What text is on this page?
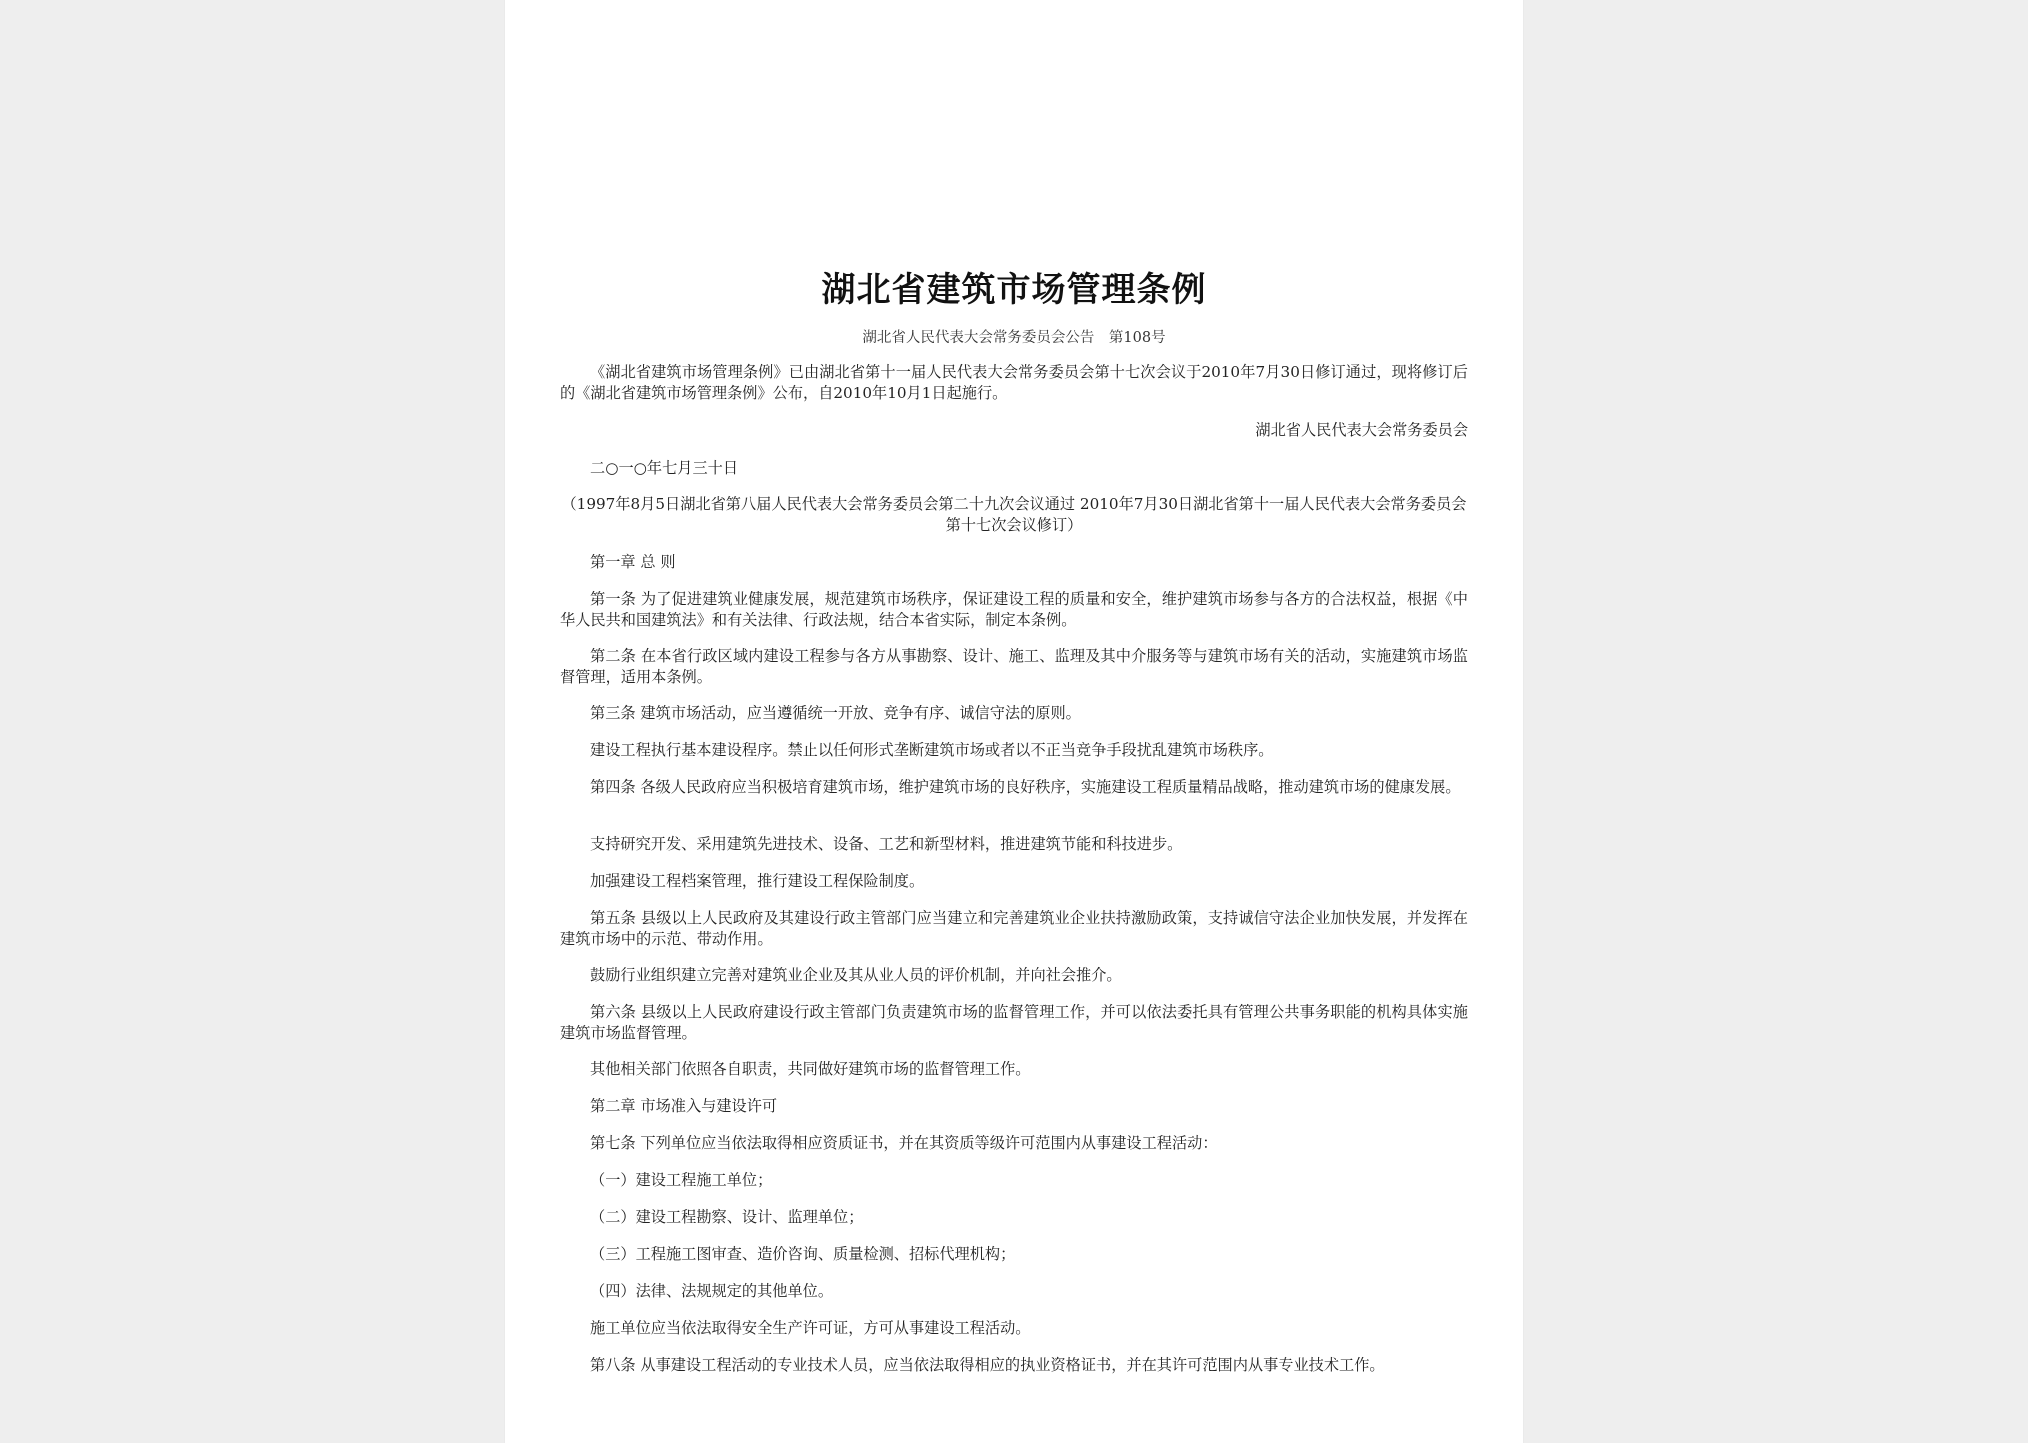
湖北省建筑市场管理条例
湖北省人民代表大会常务委员会公告　第108号
《湖北省建筑市场管理条例》已由湖北省第十一届人民代表大会常务委员会第十七次会议于2010年7月30日修订通过，现将修订后的《湖北省建筑市场管理条例》公布，自2010年10月1日起施行。
湖北省人民代表大会常务委员会
二○一○年七月三十日
（1997年8月5日湖北省第八届人民代表大会常务委员会第二十九次会议通过 2010年7月30日湖北省第十一届人民代表大会常务委员会第十七次会议修订）
第一章 总 则
第一条 为了促进建筑业健康发展，规范建筑市场秩序，保证建设工程的质量和安全，维护建筑市场参与各方的合法权益，根据《中华人民共和国建筑法》和有关法律、行政法规，结合本省实际，制定本条例。
第二条 在本省行政区域内建设工程参与各方从事勘察、设计、施工、监理及其中介服务等与建筑市场有关的活动，实施建筑市场监督管理，适用本条例。
第三条 建筑市场活动，应当遵循统一开放、竞争有序、诚信守法的原则。
建设工程执行基本建设程序。禁止以任何形式垄断建筑市场或者以不正当竞争手段扰乱建筑市场秩序。
第四条 各级人民政府应当积极培育建筑市场，维护建筑市场的良好秩序，实施建设工程质量精品战略，推动建筑市场的健康发展。
支持研究开发、采用建筑先进技术、设备、工艺和新型材料，推进建筑节能和科技进步。
加强建设工程档案管理，推行建设工程保险制度。
第五条 县级以上人民政府及其建设行政主管部门应当建立和完善建筑业企业扶持激励政策，支持诚信守法企业加快发展，并发挥在建筑市场中的示范、带动作用。
鼓励行业组织建立完善对建筑业企业及其从业人员的评价机制，并向社会推介。
第六条 县级以上人民政府建设行政主管部门负责建筑市场的监督管理工作，并可以依法委托具有管理公共事务职能的机构具体实施建筑市场监督管理。
其他相关部门依照各自职责，共同做好建筑市场的监督管理工作。
第二章 市场准入与建设许可
第七条 下列单位应当依法取得相应资质证书，并在其资质等级许可范围内从事建设工程活动：
（一）建设工程施工单位；
（二）建设工程勘察、设计、监理单位；
（三）工程施工图审查、造价咨询、质量检测、招标代理机构；
（四）法律、法规规定的其他单位。
施工单位应当依法取得安全生产许可证，方可从事建设工程活动。
第八条 从事建设工程活动的专业技术人员，应当依法取得相应的执业资格证书，并在其许可范围内从事专业技术工作。
